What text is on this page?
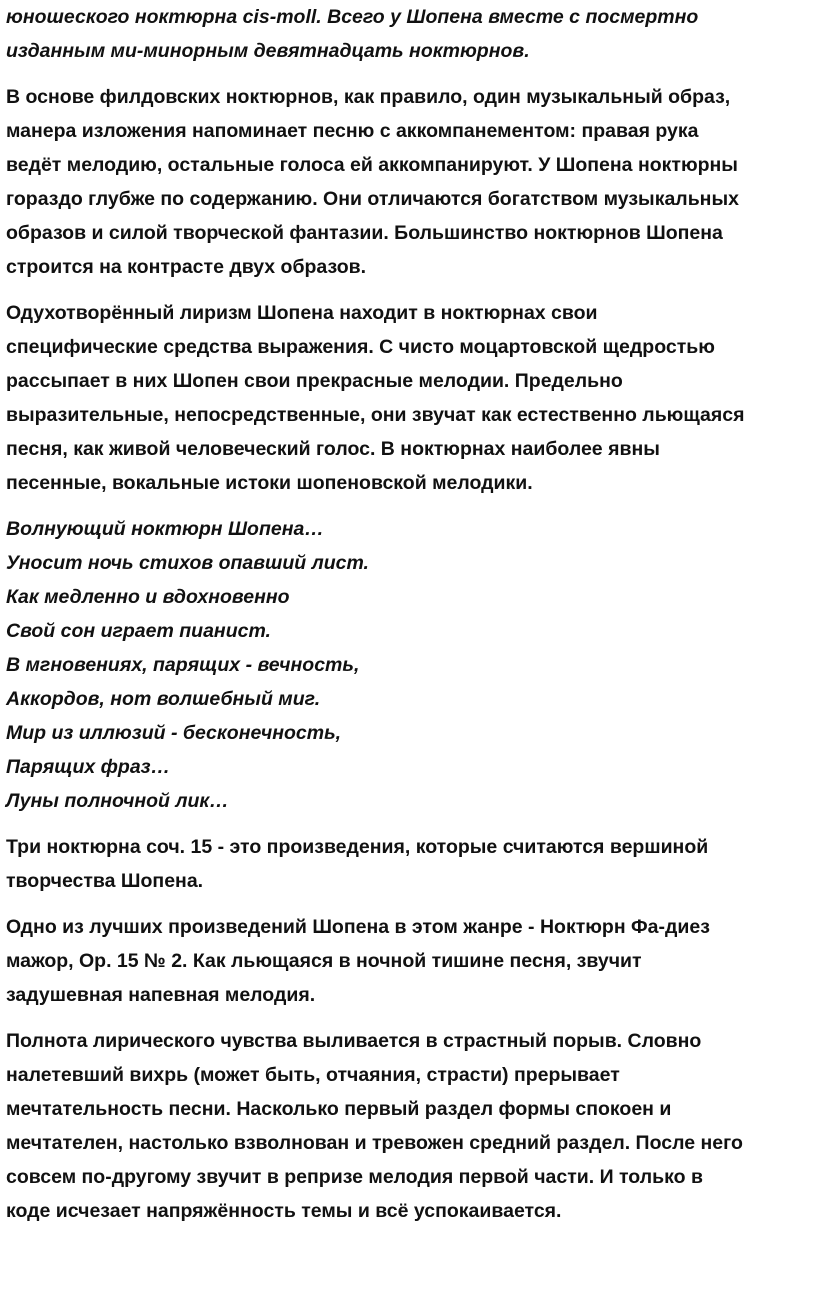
юношеского ноктюрна cis-moll. Всего у Шопена вместе с посмертно
изданным ми-минорным девятнадцать ноктюрнов.
В основе филдовских ноктюрнов, как правило, один музыкальный образ,
манера изложения напоминает песню с аккомпанементом: правая рука
ведёт мелодию, остальные голоса ей аккомпанируют. У Шопена ноктюрны
гораздо глубже по содержанию. Они отличаются богатством музыкальных
образов и силой творческой фантазии. Большинство ноктюрнов Шопена
строится на контрасте двух образов.
Одухотворённый лиризм Шопена находит в ноктюрнах свои
специфические средства выражения. С чисто моцартовской щедростью
рассыпает в них Шопен свои прекрасные мелодии. Предельно
выразительные, непосредственные, они звучат как естественно льющаяся
песня, как живой человеческий голос. В ноктюрнах наиболее явны
песенные, вокальные истоки шопеновской мелодики.
Волнующий ноктюрн Шопена…
Уносит ночь стихов опавший лист.
Как медленно и вдохновенно
Свой сон играет пианист.
В мгновениях, парящих - вечность,
Аккордов, нот волшебный миг.
Мир из иллюзий - бесконечность,
Парящих фраз…
Луны полночной лик…
Три ноктюрна соч. 15 - это произведения, которые считаются вершиной
творчества Шопена.
Одно из лучших произведений Шопена в этом жанре - Ноктюрн Фа-диез
мажор, Op. 15 № 2. Как льющаяся в ночной тишине песня, звучит
задушевная напевная мелодия.
Полнота лирического чувства выливается в страстный порыв. Словно
налетевший вихрь (может быть, отчаяния, страсти) прерывает
мечтательность песни. Насколько первый раздел формы спокоен и
мечтателен, настолько взволнован и тревожен средний раздел. После него
совсем по-другому звучит в репризе мелодия первой части. И только в
коде исчезает напряжённость темы и всё успокаивается.
